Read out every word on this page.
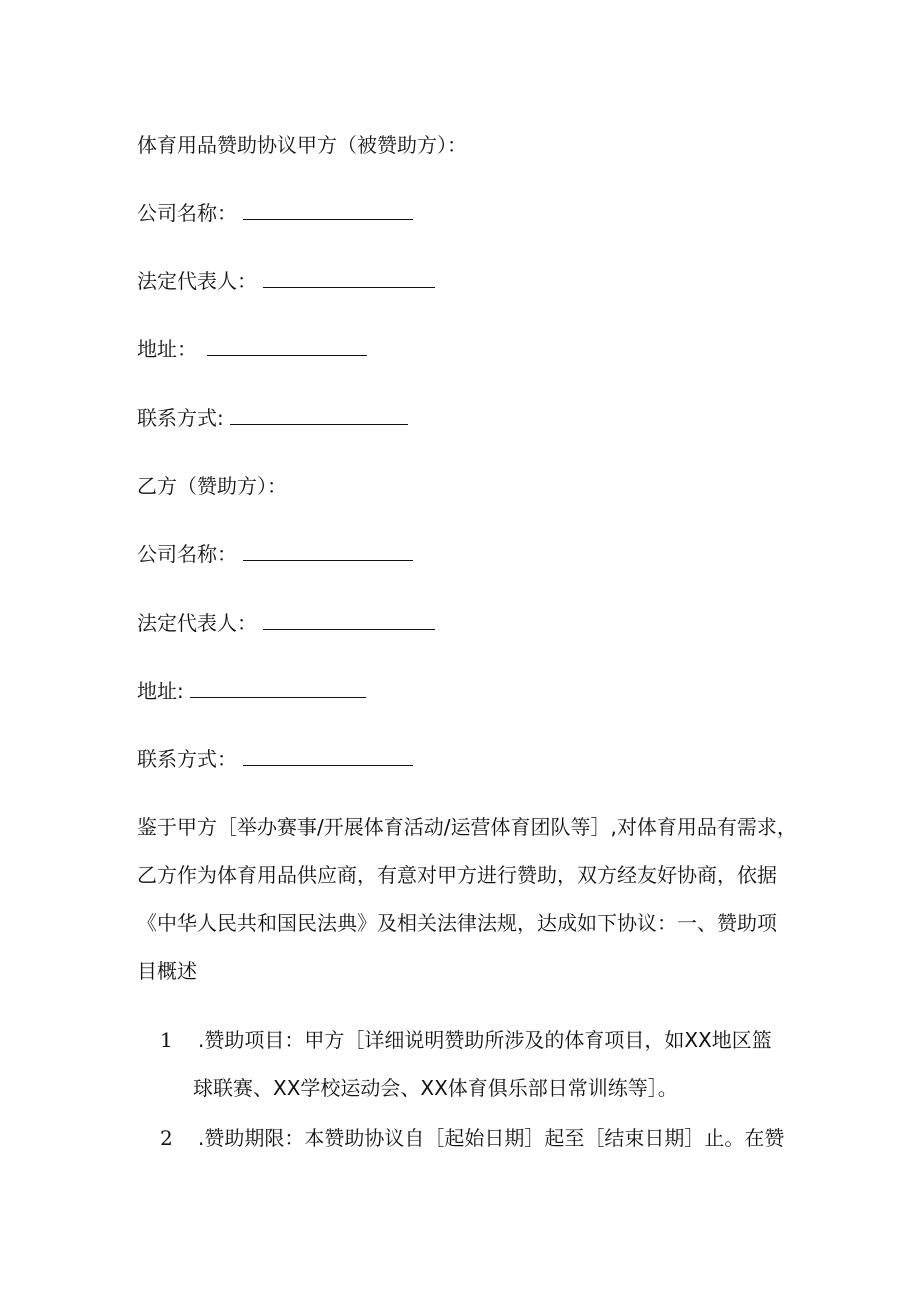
体育用品赞助协议甲方（被赞助方）：
公司名称：
法定代表人：
地址：
联系方式:
乙方（赞助方）：
公司名称：
法定代表人：
地址:
联系方式：

鉴于甲方［举办赛事/开展体育活动/运营体育团队等］,对体育用品有需求，

乙方作为体育用品供应商，有意对甲方进行赞助，双方经友好协商，依据

《中华人民共和国民法典》及相关法律法规，达成如下协议：一、赞助项

目概述

1 .赞助项目：甲方［详细说明赞助所涉及的体育项目，如XX地区篮
球联赛、XX学校运动会、XX体育俱乐部日常训练等］。
2 .赞助期限：本赞助协议自［起始日期］起至［结束日期］止。在赞
